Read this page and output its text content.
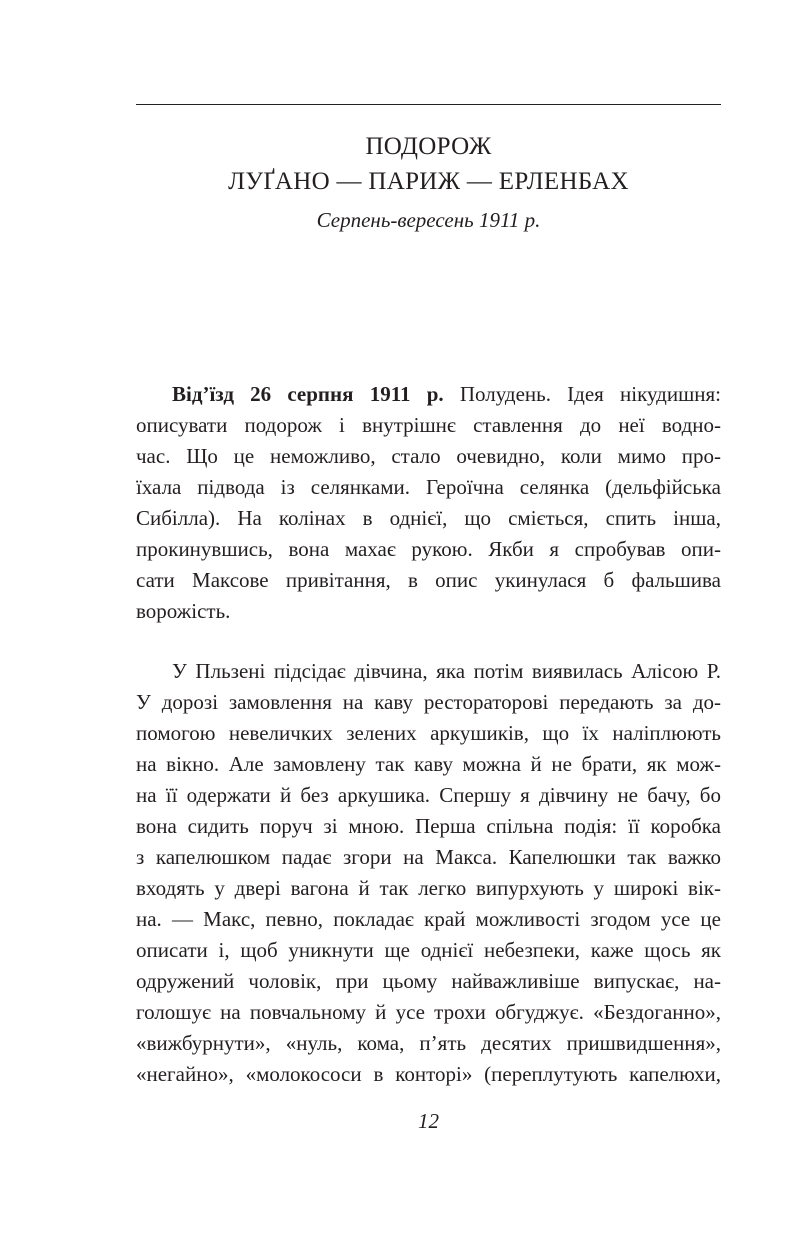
ПОДОРОЖ
ЛУҐАНО — ПАРИЖ — ЕРЛЕНБАХ
Серпень-вересень 1911 р.
Від’їзд 26 серпня 1911 р. Полудень. Ідея нікудишня:
описувати подорож і внутрішнє ставлення до неї водно-
час. Що це неможливо, стало очевидно, коли мимо про-
їхала підвода із селянками. Героїчна селянка (дельфійська
Сибілла). На колінах в однієї, що сміється, спить інша,
прокинувшись, вона махає рукою. Якби я спробував опи-
сати Максове привітання, в опис укинулася б фальшива
ворожість.
У Пльзені підсідає дівчина, яка потім виявилась Алісою Р.
У дорозі замовлення на каву рестораторові передають за до-
помогою невеличких зелених аркушиків, що їх наліплюють
на вікно. Але замовлену так каву можна й не брати, як мож-
на її одержати й без аркушика. Спершу я дівчину не бачу, бо
вона сидить поруч зі мною. Перша спільна подія: її коробка
з капелюшком падає згори на Макса. Капелюшки так важко
входять у двері вагона й так легко випурхують у широкі вік-
на. — Макс, певно, покладає край можливості згодом усе це
описати і, щоб уникнути ще однієї небезпеки, каже щось як
одружений чоловік, при цьому найважливіше випускає, на-
голошує на повчальному й усе трохи обгуджує. «Бездоганно»,
«вижбурнути», «нуль, кома, п’ять десятих пришвидшення»,
«негайно», «молокососи в конторі» (переплутують капелюхи,
12
